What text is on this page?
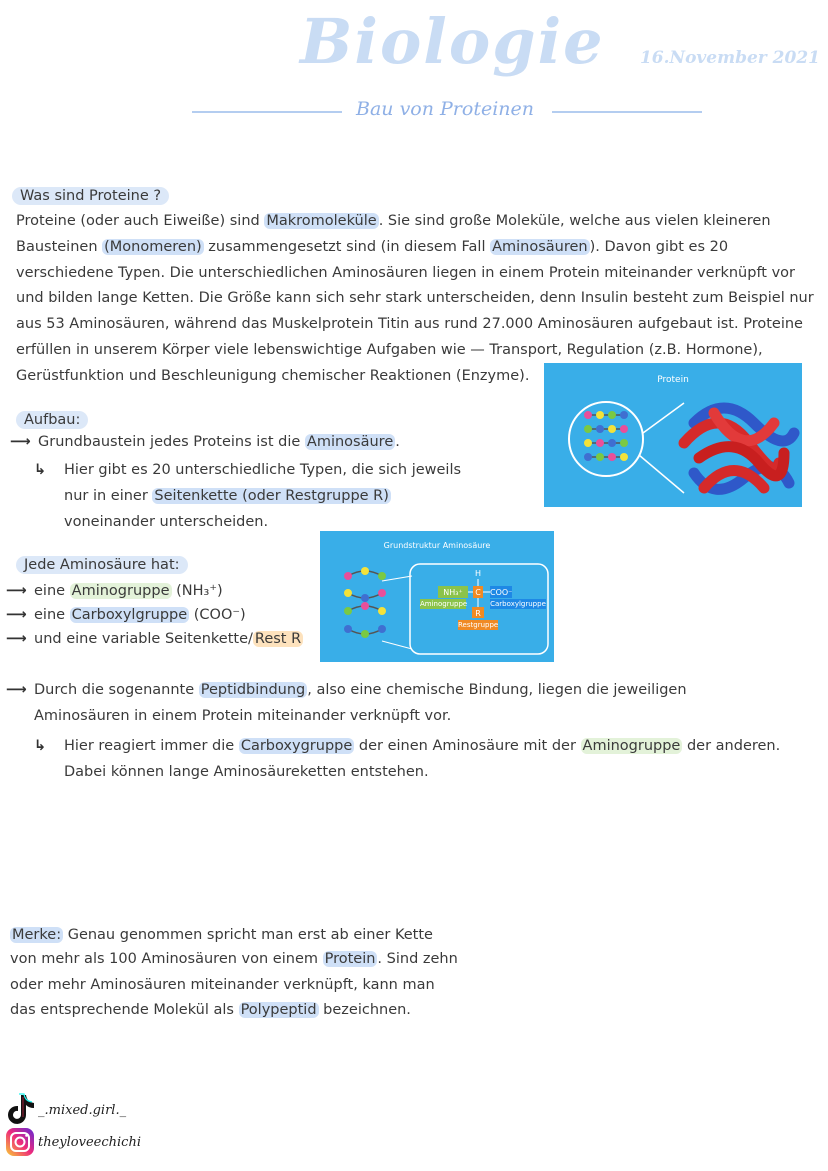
Biologie	16.November 2021
Bau von Proteinen
Was sind Proteine ?
Proteine (oder auch Eiweiße) sind Makromoleküle . Sie sind große Moleküle, welche aus vielen kleineren Bausteinen (Monomeren) zusammengesetzt sind (in diesem Fall Aminosäuren ). Davon gibt es 20 verschiedene Typen. Die unterschiedlichen Aminosäuren liegen in einem Protein miteinander verknüpft vor und bilden lange Ketten. Die Größe kann sich sehr stark unterscheiden, denn Insulin besteht zum Beispiel nur aus 53 Aminosäuren, während das Muskelprotein Titin aus rund 27.000 Aminosäuren aufgebaut ist. Proteine erfüllen in unserem Körper viele lebenswichtige Aufgaben wie — Transport, Regulation (z.B. Hormone), Gerüstfunktion und Beschleunigung chemischer Reaktionen (Enzyme).	Protein
Aufbau:
⟶ Grundbaustein jedes Proteins ist die Aminosäure .
↳ Hier gibt es 20 unterschiedliche Typen, die sich jeweils
nur in einer Seitenkette (oder Restgruppe R)
voneinander unterscheiden.
Grundstruktur Aminosäure
H
NH₃⁺	C COO⁻
R
Aminogruppe	Carboxylgruppe
Restgruppe
Jede Aminosäure hat:
⟶ eine Aminogruppe (NH₃⁺)
⟶ eine Carboxylgruppe (COO⁻)
⟶ und eine variable Seitenkette/ Rest R
⟶ Durch die sogenannte Peptidbindung , also eine chemische Bindung, liegen die jeweiligen
Aminosäuren in einem Protein miteinander verknüpft vor.
↳ Hier reagiert immer die Carboxygruppe der einen Aminosäure mit der Aminogruppe der anderen.
Dabei können lange Aminosäureketten entstehen.
Merke: Genau genommen spricht man erst ab einer Kette
von mehr als 100 Aminosäuren von einem Protein . Sind zehn
oder mehr Aminosäuren miteinander verknüpft, kann man
das entsprechende Molekül als Polypeptid bezeichnen.
_.mixed.girl._
theyloveechichi
